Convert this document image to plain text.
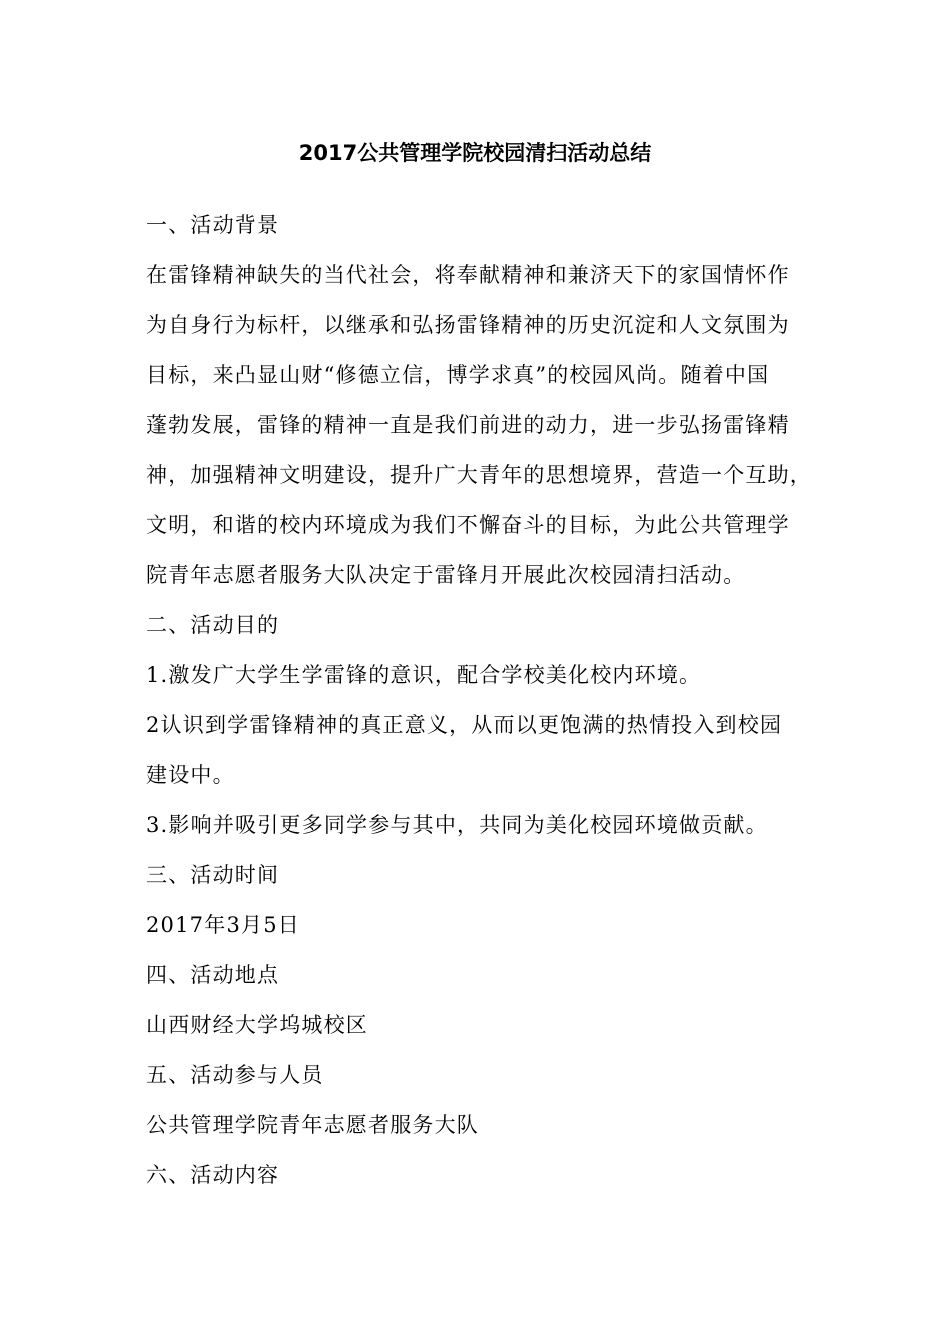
2017公共管理学院校园清扫活动总结

一、活动背景

在雷锋精神缺失的当代社会，将奉献精神和兼济天下的家国情怀作

为自身行为标杆，以继承和弘扬雷锋精神的历史沉淀和人文氛围为

目标，来凸显山财“修德立信，博学求真”的校园风尚。随着中国

蓬勃发展，雷锋的精神一直是我们前进的动力，进一步弘扬雷锋精

神，加强精神文明建设，提升广大青年的思想境界，营造一个互助，

文明，和谐的校内环境成为我们不懈奋斗的目标，为此公共管理学

院青年志愿者服务大队决定于雷锋月开展此次校园清扫活动。

二、活动目的

1.激发广大学生学雷锋的意识，配合学校美化校内环境。

2认识到学雷锋精神的真正意义，从而以更饱满的热情投入到校园

建设中。

3.影响并吸引更多同学参与其中，共同为美化校园环境做贡献。

三、活动时间

2017年3月5日

四、活动地点

山西财经大学坞城校区

五、活动参与人员

公共管理学院青年志愿者服务大队

六、活动内容
